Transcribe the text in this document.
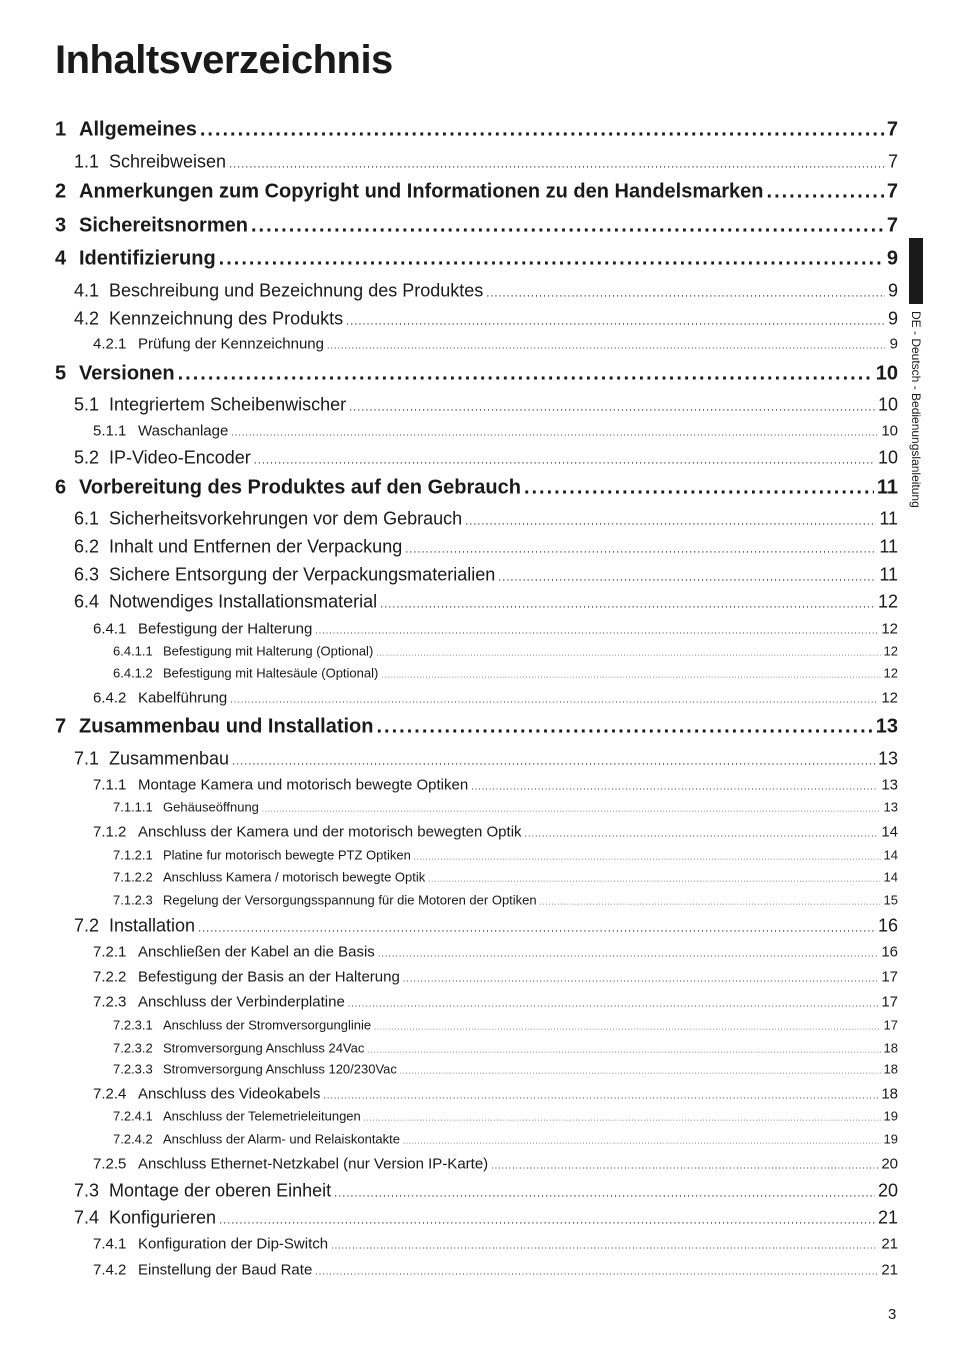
Inhaltsverzeichnis
1 Allgemeines .....	7
1.1 Schreibweisen .....	7
2 Anmerkungen zum Copyright und Informationen zu den Handelsmarken .....	7
3 Sichereitsnormen .....	7
4 Identifizierung .....	9
4.1 Beschreibung und Bezeichnung des Produktes .....	9
4.2 Kennzeichnung des Produkts .....	9
4.2.1 Prüfung der Kennzeichnung .....	9
5 Versionen .....	10
5.1 Integriertem Scheibenwischer .....	10
5.1.1 Waschanlage .....	10
5.2 IP-Video-Encoder .....	10
6 Vorbereitung des Produktes auf den Gebrauch .....	11
6.1 Sicherheitsvorkehrungen vor dem Gebrauch .....	11
6.2 Inhalt und Entfernen der Verpackung .....	11
6.3 Sichere Entsorgung der Verpackungsmaterialien .....	11
6.4 Notwendiges Installationsmaterial .....	12
6.4.1 Befestigung der Halterung .....	12
6.4.1.1 Befestigung mit Halterung (Optional) .....	12
6.4.1.2 Befestigung mit Haltesäule (Optional) .....	12
6.4.2 Kabelführung .....	12
7 Zusammenbau und Installation .....	13
7.1 Zusammenbau .....	13
7.1.1 Montage Kamera und motorisch bewegte Optiken .....	13
7.1.1.1 Gehäuseöffnung .....	13
7.1.2 Anschluss der Kamera und der motorisch bewegten Optik .....	14
7.1.2.1 Platine fur motorisch bewegte PTZ Optiken .....	14
7.1.2.2 Anschluss Kamera / motorisch bewegte Optik .....	14
7.1.2.3 Regelung der Versorgungsspannung für die Motoren der Optiken .....	15
7.2 Installation .....	16
7.2.1 Anschließen der Kabel an die Basis .....	16
7.2.2 Befestigung der Basis an der Halterung .....	17
7.2.3 Anschluss der Verbinderplatine .....	17
7.2.3.1 Anschluss der Stromversorgunglinie .....	17
7.2.3.2 Stromversorgung Anschluss 24Vac .....	18
7.2.3.3 Stromversorgung Anschluss 120/230Vac .....	18
7.2.4 Anschluss des Videokabels .....	18
7.2.4.1 Anschluss der Telemetrieleitungen .....	19
7.2.4.2 Anschluss der Alarm- und Relaiskontakte .....	19
7.2.5 Anschluss Ethernet-Netzkabel (nur Version IP-Karte) .....	20
7.3 Montage der oberen Einheit .....	20
7.4 Konfigurieren .....	21
7.4.1 Konfiguration der Dip-Switch .....	21
7.4.2 Einstellung der Baud Rate .....	21
DE - Deutsch - Bedienungslanleitung
3
